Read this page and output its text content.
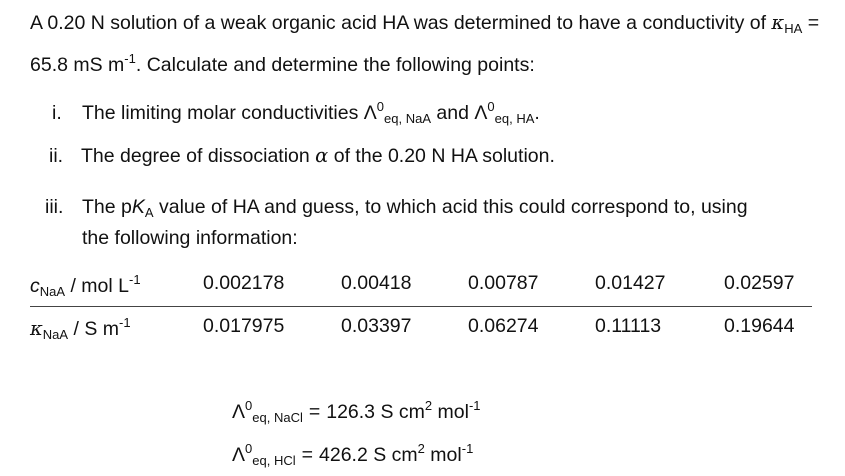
A 0.20 N solution of a weak organic acid HA was determined to have a conductivity of $\kappa_{HA} = 65.8$ mS $m^{-1}$. Calculate and determine the following points:
i. The limiting molar conductivities $\Lambda^0_{eq, NaA}$ and $\Lambda^0_{eq, HA}$.
ii. The degree of dissociation α of the 0.20 N HA solution.
iii. The $pK_A$ value of HA and guess, to which acid this could correspond to, using
the following information:
$c_{NaA}$ / mol $L^{-1}$	0.002178	0.00418	0.00787	0.01427	0.02597
$\kappa_{NaA}$ / S $m^{-1}$	0.017975	0.03397	0.06274	0.11113	0.19644
$\Lambda^0_{eq, NaCl} = 126.3$ S $cm^2$ mol$^{-1}$
$\Lambda^0_{eq, HCl} = 426.2$ S $cm^2$ mol$^{-1}$
